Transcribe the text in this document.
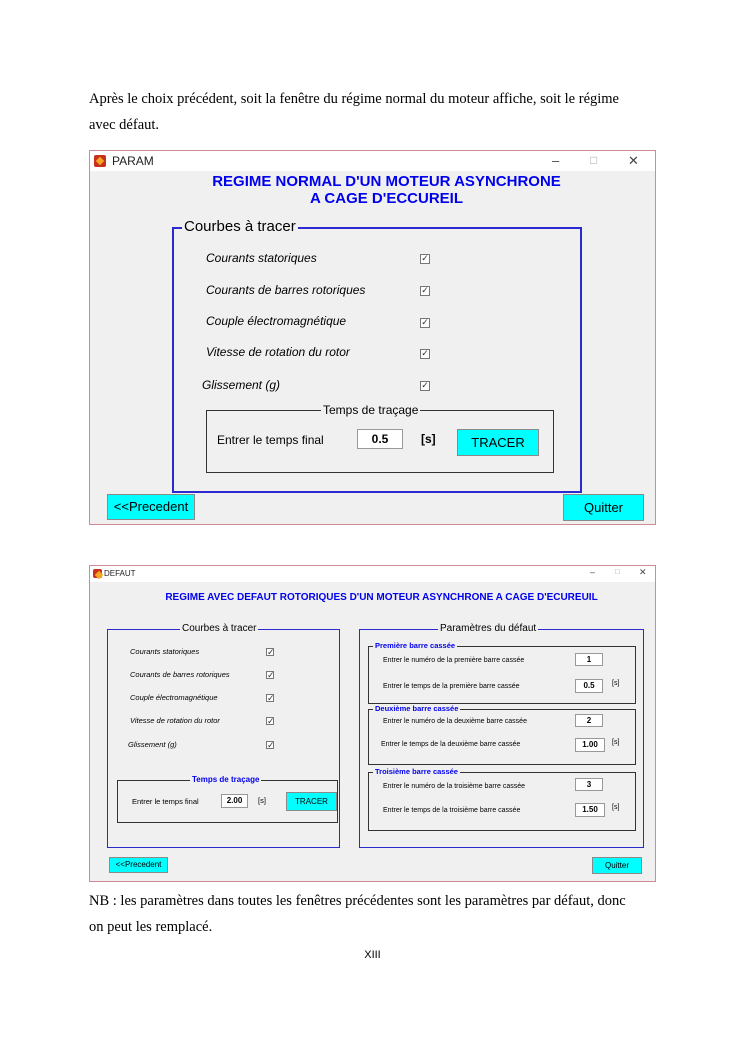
Après le choix précédent, soit la fenêtre du régime normal du moteur affiche, soit le régime
avec défaut.
PARAM	–	□ ✕
REGIME NORMAL D'UN MOTEUR ASYNCHRONE
A CAGE D'ECCUREIL
Courbes à tracer
Courants statoriques
✓
Courants de barres rotoriques
✓
Couple électromagnétique
✓
Vitesse de rotation du rotor
✓
Glissement (g)
✓
Temps de traçage
Entrer le temps final	0.5	[s]	TRACER
<<Precedent	Quitter
DEFAUT	– □ ✕
REGIME AVEC DEFAUT ROTORIQUES D'UN MOTEUR ASYNCHRONE A CAGE D'ECUREUIL
Courbes à tracer
Courants statoriques
✓
Courants de barres rotoriques
✓
Couple électromagnétique
✓
Vitesse de rotation du rotor
✓
Glissement (g)
✓
Temps de traçage
Entrer le temps final	2.00	[s]	TRACER
Paramètres du défaut
Première barre cassée
Entrer le numéro de la première barre cassée	1
Entrer le temps de la première barre cassée	0.5	[s]
Deuxième barre cassée
Entrer le numéro de la deuxième barre cassée	2
Entrer le temps de la deuxième barre cassée	1.00	[s]
Troisième barre cassée
Entrer le numéro de la troisième barre cassée	3
Entrer le temps de la troisième barre cassée	1.50	[s]
<<Precedent	Quitter
NB : les paramètres dans toutes les fenêtres précédentes sont les paramètres par défaut, donc
on peut les remplacé.
XIII
